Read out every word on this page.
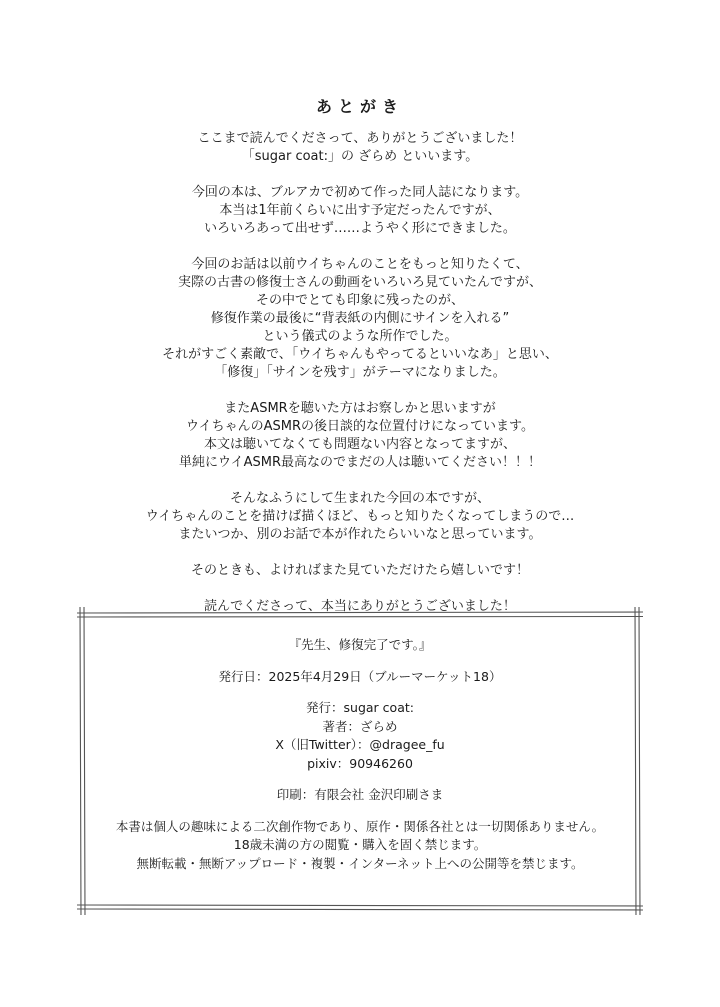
あとがき
ここまで読んでくださって、ありがとうございました！
「sugar coat:」の ざらめ といいます。
今回の本は、ブルアカで初めて作った同人誌になります。
本当は1年前くらいに出す予定だったんですが、
いろいろあって出せず……ようやく形にできました。
今回のお話は以前ウイちゃんのことをもっと知りたくて、
実際の古書の修復士さんの動画をいろいろ見ていたんですが、
その中でとても印象に残ったのが、
修復作業の最後に“背表紙の内側にサインを入れる”
という儀式のような所作でした。
それがすごく素敵で、「ウイちゃんもやってるといいなあ」と思い、
「修復」「サインを残す」がテーマになりました。
またASMRを聴いた方はお察しかと思いますが
ウイちゃんのASMRの後日談的な位置付けになっています。
本文は聴いてなくても問題ない内容となってますが、
単純にウイASMR最高なのでまだの人は聴いてください！！！
そんなふうにして生まれた今回の本ですが、
ウイちゃんのことを描けば描くほど、もっと知りたくなってしまうので…
またいつか、別のお話で本が作れたらいいなと思っています。
そのときも、よければまた見ていただけたら嬉しいです！
読んでくださって、本当にありがとうございました！
『先生、修復完了です。』
発行日：2025年4月29日（ブルーマーケット18）
発行：sugar coat:
著者：ざらめ
X（旧Twitter）：@dragee_fu
pixiv：90946260
印刷：有限会社 金沢印刷さま
本書は個人の趣味による二次創作物であり、原作・関係各社とは一切関係ありません。
18歳未満の方の閲覧・購入を固く禁じます。
無断転載・無断アップロード・複製・インターネット上への公開等を禁じます。
